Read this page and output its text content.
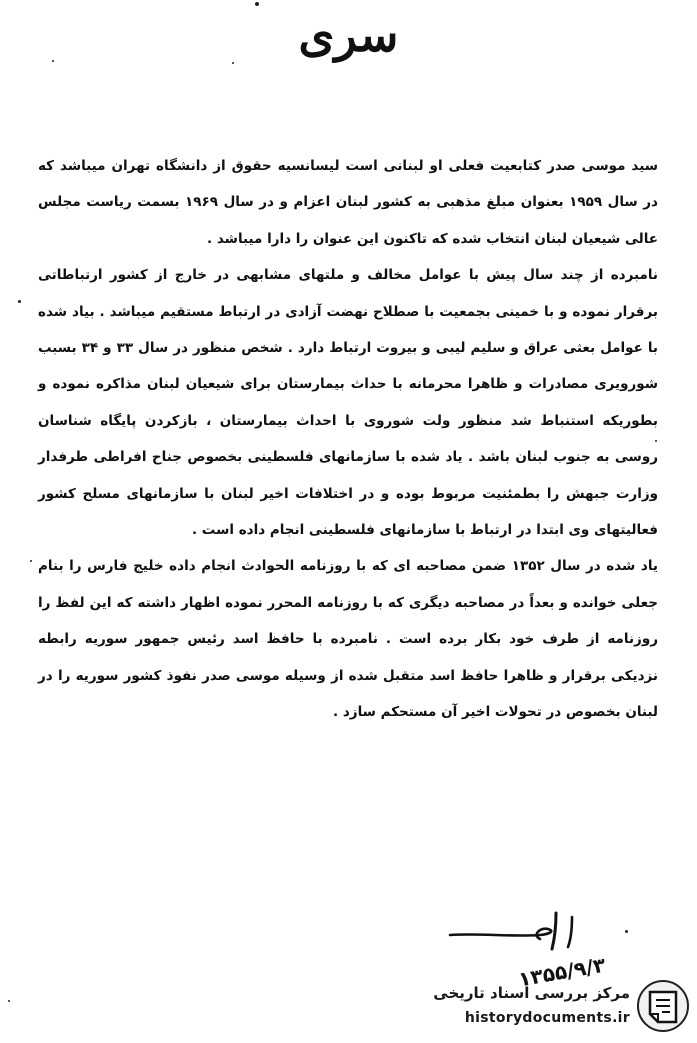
سری

سید موسی صدر کتابعیت فعلی او لبنانی است لیسانسیه حقوق از دانشگاه تهران میباشد که در سال ۱۹۵۹ بعنوان مبلغ مذهبی به کشور لبنان اعزام و در سال ۱۹۶۹ بسمت ریاست مجلس عالی شیعیان لبنان انتخاب شده که تاکنون این عنوان را دارا میباشد .

نامبرده از چند سال پیش با عوامل مخالف و ملتهای مشابهی در خارج از کشور ارتباطاتی برقرار نموده و با خمینی بجمعیت با صطلاح نهضت آزادی در ارتباط مستقیم میباشد . بیاد شده با عوامل بعثی عراق و سلیم لیبی و بیروت ارتباط دارد . شخص منظور در سال ۳۳ و ۳۴ بسبب شورویری مصادرات و ظاهرا محرمانه با حداث بیمارستان برای شیعیان لبنان مذاکره نموده و بطوریکه استنباط شد منظور ولت شوروی با احداث بیمارستان ، بازکردن پایگاه شناسان روسی به جنوب لبنان باشد . یاد شده با سازمانهای فلسطینی بخصوص جناح افراطی طرفدار وزارت جبهش را بطمئنیت مربوط بوده و در اختلافات اخیر لبنان با سازمانهای مسلح کشور فعالیتهای وی ابتدا در ارتباط با سازمانهای فلسطینی انجام داده است .

یاد شده در سال ۱۳۵۲ ضمن مصاحبه ای که با روزنامه الحوادث انجام داده خلیج فارس را بنام جعلی خوانده و بعداً در مصاحبه دیگری که با روزنامه المحرر نموده اظهار داشته که این لفظ را روزنامه از طرف خود بکار برده است . نامبرده با حافظ اسد رئیس جمهور سوریه رابطه نزدیکی برقرار و ظاهرا حافظ اسد متقبل شده از وسیله موسی صدر نفوذ کشور سوریه را در لبنان بخصوص در تحولات اخیر آن مستحکم سازد .

۱۳۵۵/۹/۳
مرکز بررسی اسناد تاریخی
historydocuments.ir
